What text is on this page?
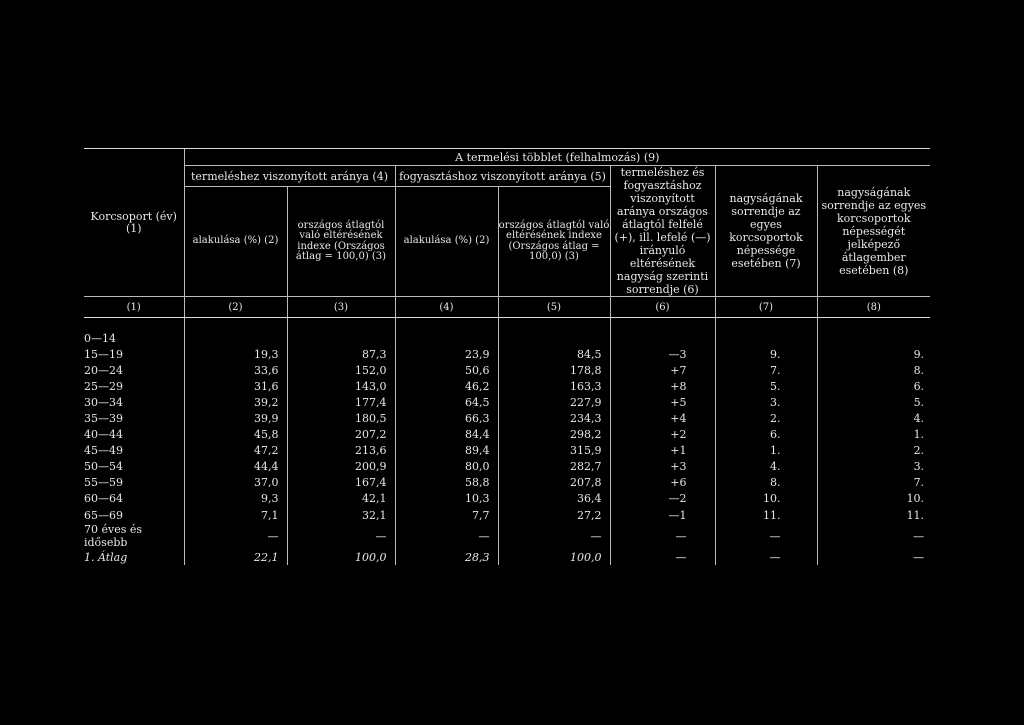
Korcsoport (év) (1)	A termelési többlet (felhalmozás) (9)						
	termeléshez viszonyított aránya (4)		fogyasztáshoz viszonyított aránya (5)		termeléshez és fogyasztáshoz viszonyított aránya országos átlagtól felfelé (+), ill. lefelé (—) irányuló eltérésének nagyság szerinti sorrendje (6)	nagyságának sorrendje az egyes korcsoportok népessége esetében (7)	nagyságának sorrendje az egyes korcsoportok népességét jelképező átlagember esetében (8)
	alakulása (%) (2)	országos átlagtól való eltérésének indexe (Országos átlag = 100,0) (3)	alakulása (%) (2)	országos átlagtól való eltérésének indexe (Országos átlag = 100,0) (3)			
(1)	(2)	(3)	(4)	(5)	(6)	(7)	(8)

0—14							
15—19	19,3	87,3	23,9	84,5	—3	9.	9.
20—24	33,6	152,0	50,6	178,8	+7	7.	8.
25—29	31,6	143,0	46,2	163,3	+8	5.	6.
30—34	39,2	177,4	64,5	227,9	+5	3.	5.
35—39	39,9	180,5	66,3	234,3	+4	2.	4.
40—44	45,8	207,2	84,4	298,2	+2	6.	1.
45—49	47,2	213,6	89,4	315,9	+1	1.	2.
50—54	44,4	200,9	80,0	282,7	+3	4.	3.
55—59	37,0	167,4	58,8	207,8	+6	8.	7.
60—64	9,3	42,1	10,3	36,4	—2	10.	10.
65—69	7,1	32,1	7,7	27,2	—1	11.	11.
70 éves és idősebb	—	—	—	—	—	—	—
1. Átlag	22,1	100,0	28,3	100,0	—	—	—
